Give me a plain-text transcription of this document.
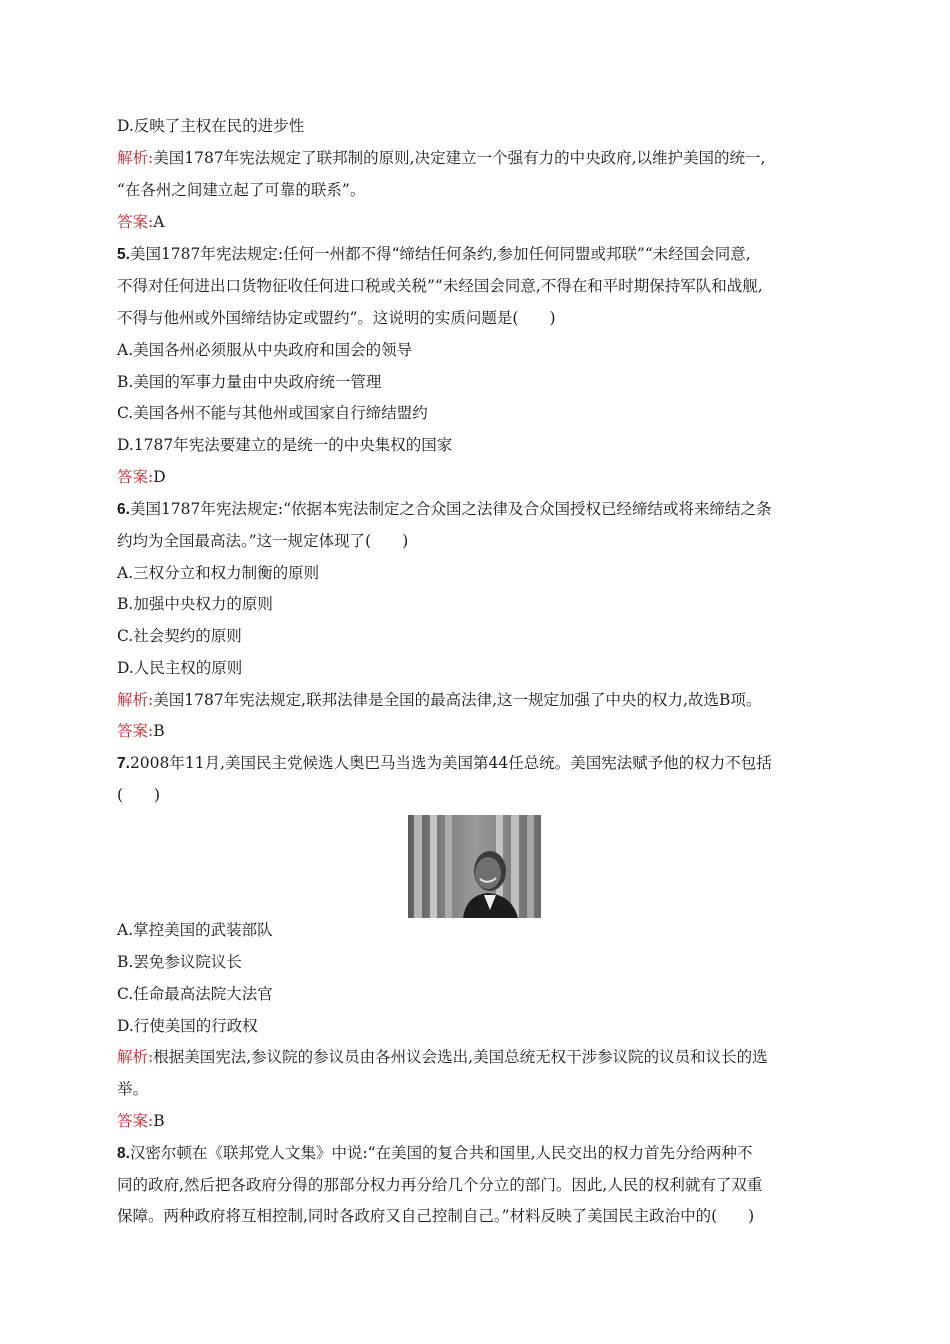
D.反映了主权在民的进步性
解析:美国1787年宪法规定了联邦制的原则,决定建立一个强有力的中央政府,以维护美国的统一,
“在各州之间建立起了可靠的联系”。
答案:A
5.美国1787年宪法规定:任何一州都不得“缔结任何条约,参加任何同盟或邦联”“未经国会同意,
不得对任何进出口货物征收任何进口税或关税”“未经国会同意,不得在和平时期保持军队和战舰,
不得与他州或外国缔结协定或盟约”。这说明的实质问题是(　　)
A.美国各州必须服从中央政府和国会的领导
B.美国的军事力量由中央政府统一管理
C.美国各州不能与其他州或国家自行缔结盟约
D.1787年宪法要建立的是统一的中央集权的国家
答案:D
6.美国1787年宪法规定:“依据本宪法制定之合众国之法律及合众国授权已经缔结或将来缔结之条
约均为全国最高法。”这一规定体现了(　　)
A.三权分立和权力制衡的原则
B.加强中央权力的原则
C.社会契约的原则
D.人民主权的原则
解析:美国1787年宪法规定,联邦法律是全国的最高法律,这一规定加强了中央的权力,故选B项。
答案:B
7.2008年11月,美国民主党候选人奥巴马当选为美国第44任总统。美国宪法赋予他的权力不包括
(　　)
A.掌控美国的武装部队
B.罢免参议院议长
C.任命最高法院大法官
D.行使美国的行政权
解析:根据美国宪法,参议院的参议员由各州议会选出,美国总统无权干涉参议院的议员和议长的选
举。
答案:B
8.汉密尔顿在《联邦党人文集》中说:“在美国的复合共和国里,人民交出的权力首先分给两种不
同的政府,然后把各政府分得的那部分权力再分给几个分立的部门。因此,人民的权利就有了双重
保障。两种政府将互相控制,同时各政府又自己控制自己。”材料反映了美国民主政治中的(　　)
